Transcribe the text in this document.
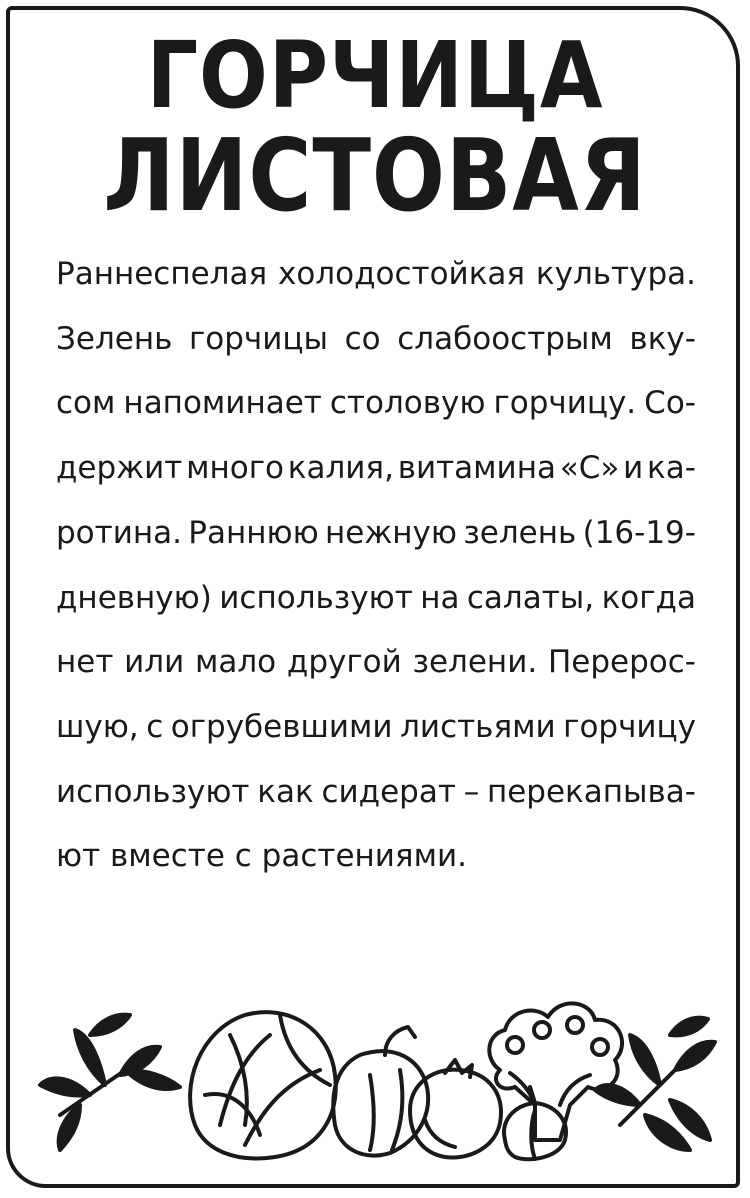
ГОРЧИЦА
ЛИСТОВАЯ
Раннеспелая холодостойкая культура.
Зелень горчицы со слабоострым вку-
сом напоминает столовую горчицу. Со-
держит много калия, витамина «С» и ка-
ротина. Раннюю нежную зелень (16-19-
дневную) используют на салаты, когда
нет или мало другой зелени. Перерос-
шую, с огрубевшими листьями горчицу
используют как сидерат – перекапыва-
ют вместе с растениями.
